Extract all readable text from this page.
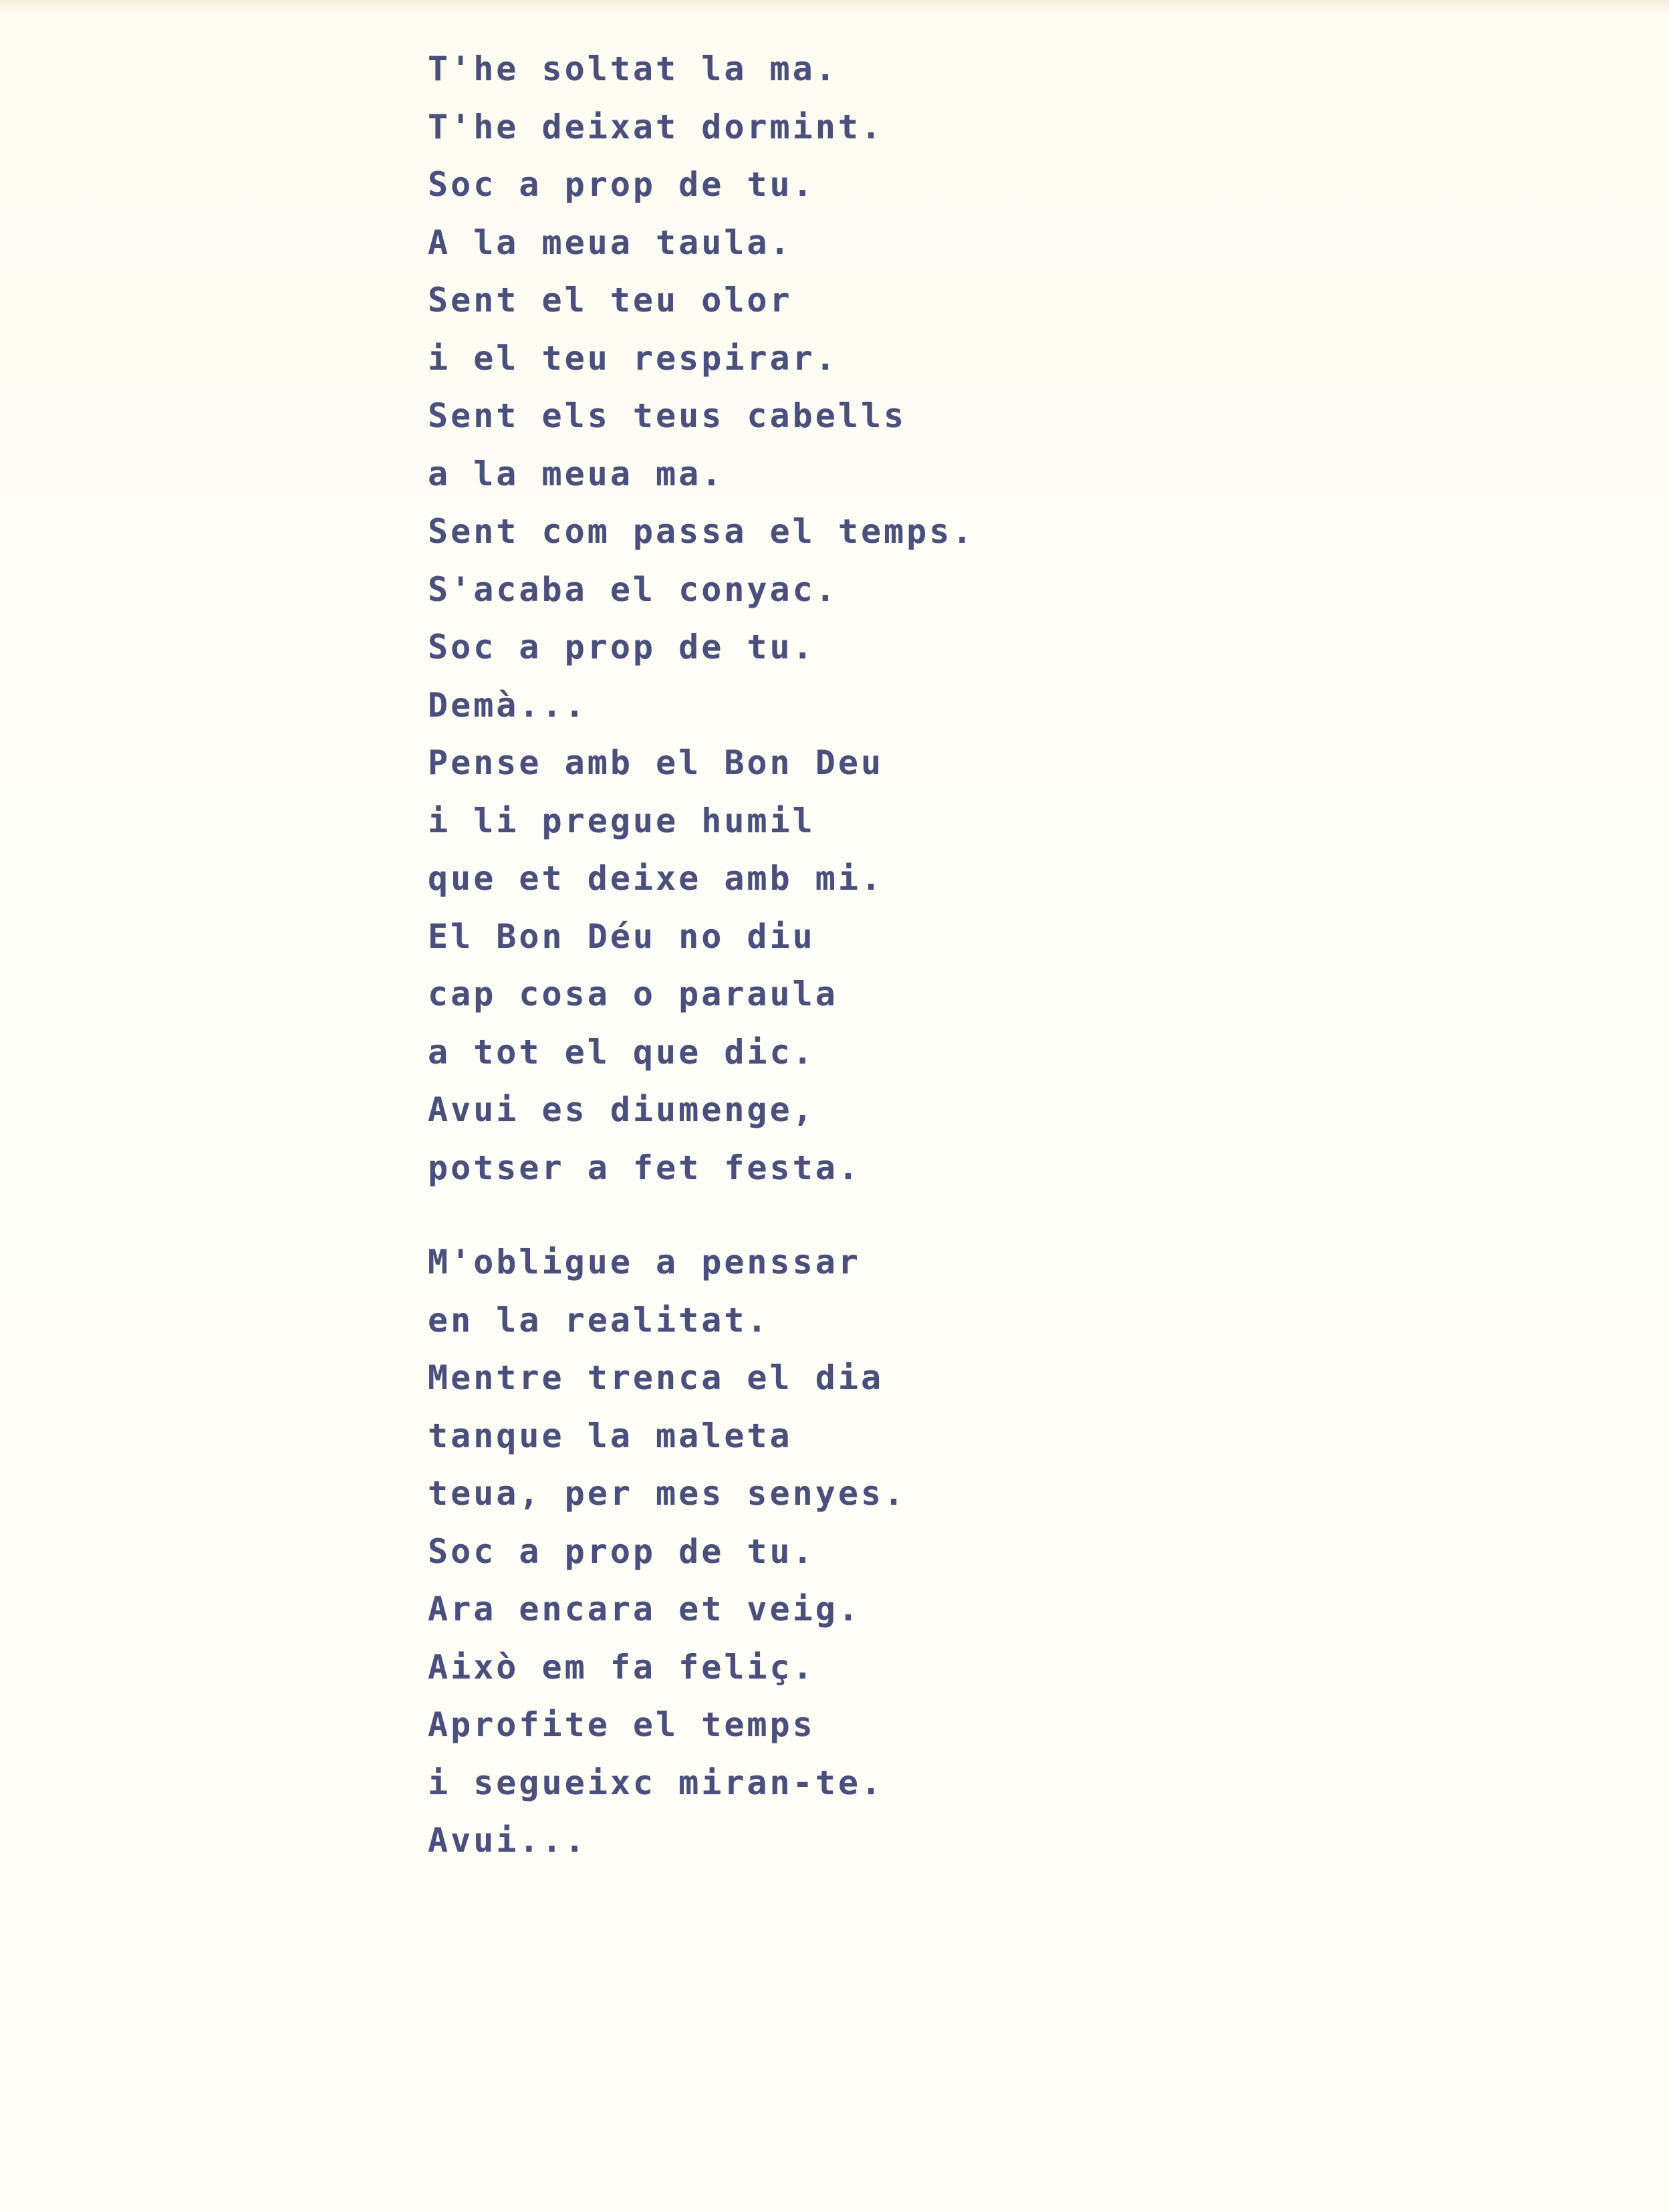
T'he soltat la ma.
T'he deixat dormint.
Soc a prop de tu.
A la meua taula.
Sent el teu olor
i el teu respirar.
Sent els teus cabells
a la meua ma.
Sent com passa el temps.
S'acaba el conyac.
Soc a prop de tu.
Demà...
Pense amb el Bon Deu
i li pregue humil
que et deixe amb mi.
El Bon Déu no diu
cap cosa o paraula
a tot el que dic.
Avui es diumenge,
potser a fet festa.
M'obligue a penssar
en la realitat.
Mentre trenca el dia
tanque la maleta
teua, per mes senyes.
Soc a prop de tu.
Ara encara et veig.
Això em fa feliç.
Aprofite el temps
i segueixc miran-te.
Avui...
